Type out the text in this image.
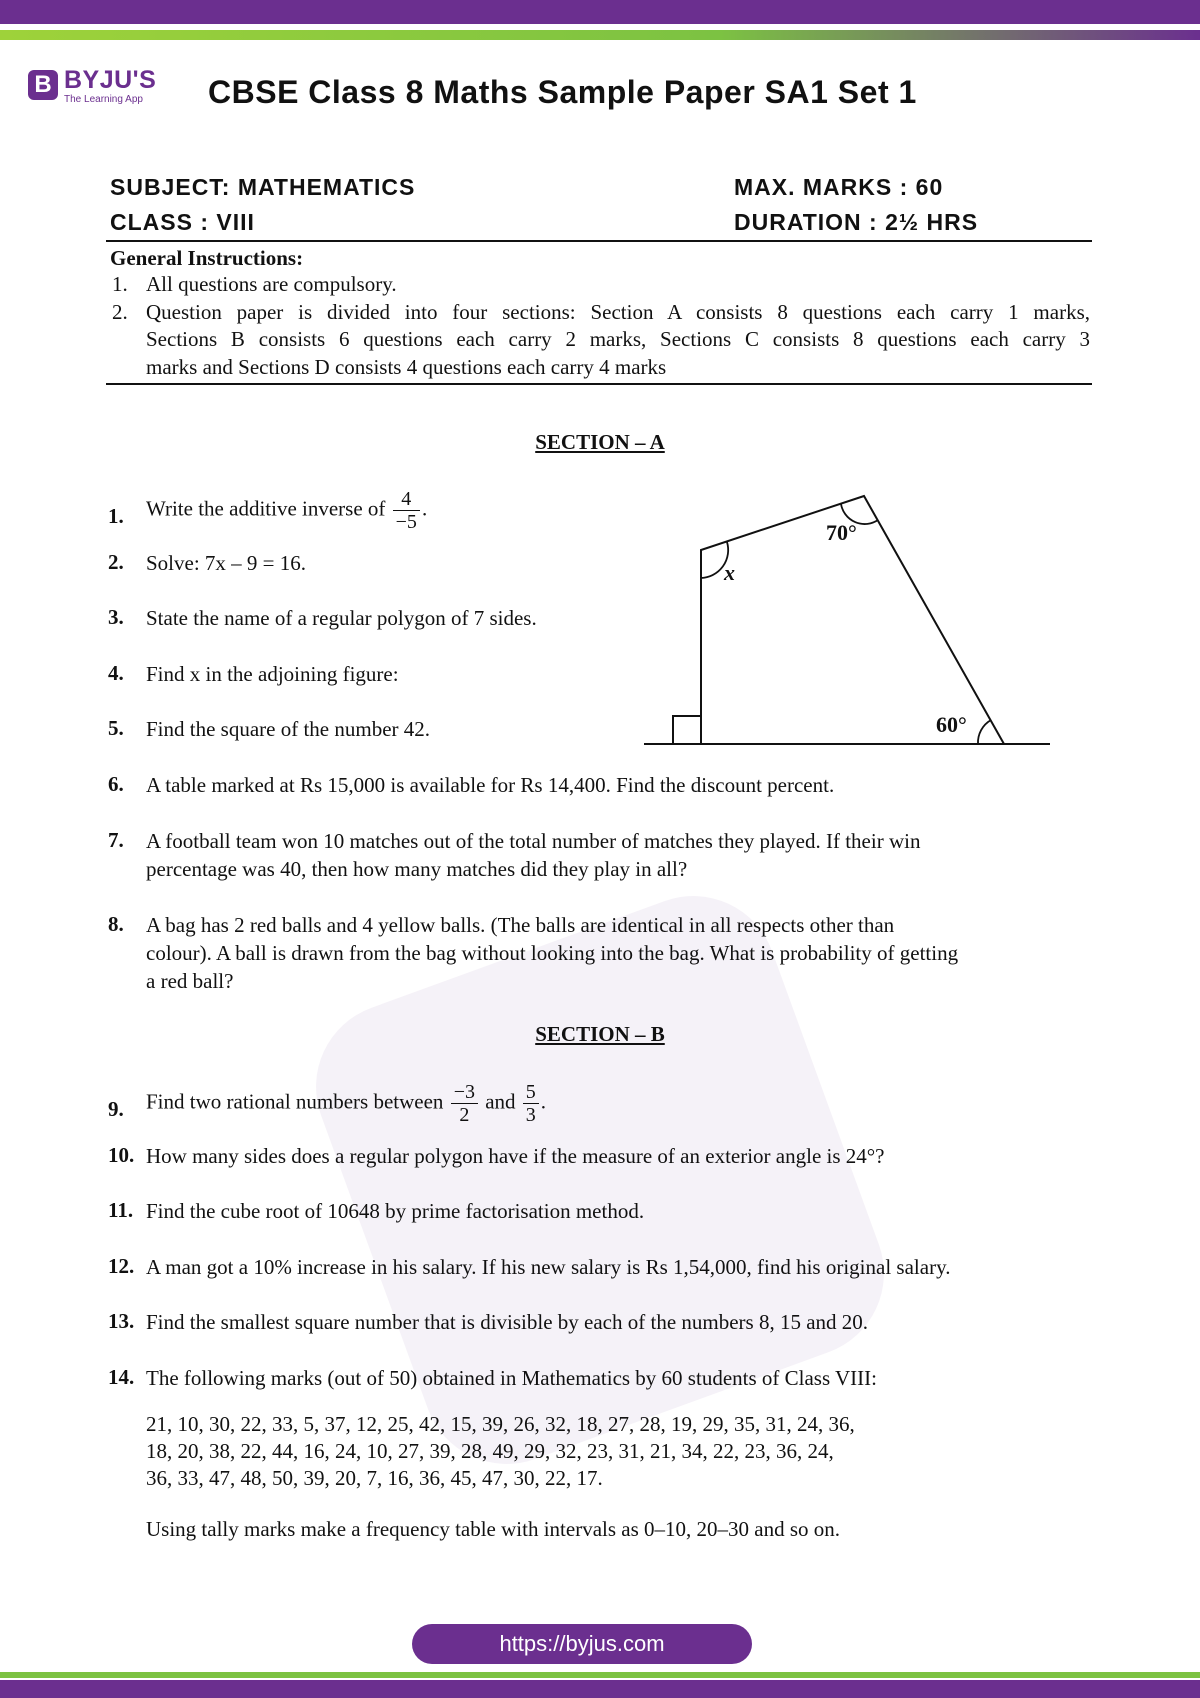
B BYJU'S
The Learning App CBSE Class 8 Maths Sample Paper SA1 Set 1
SUBJECT: MATHEMATICS	MAX. MARKS : 60
CLASS : VIII	DURATION : 2½ HRS
General Instructions:
1. All questions are compulsory.
2. Question paper is divided into four sections: Section A consists 8 questions each carry 1 marks,
Sections B consists 6 questions each carry 2 marks, Sections C consists 8 questions each carry 3
marks and Sections D consists 4 questions each carry 4 marks
SECTION – A
1. Write the additive inverse of $\frac{4}{-5}$ .
2. Solve: 7x – 9 = 16.
3. State the name of a regular polygon of 7 sides.
4. Find x in the adjoining figure:
5. Find the square of the number 42.
6. A table marked at Rs 15,000 is available for Rs 14,400. Find the discount percent.
7. A football team won 10 matches out of the total number of matches they played. If their win
percentage was 40, then how many matches did they play in all?
8. A bag has 2 red balls and 4 yellow balls. (The balls are identical in all respects other than
colour). A ball is drawn from the bag without looking into the bag. What is probability of getting
a red ball?
70°
x
60°
SECTION – B
9. Find two rational numbers between $\frac{-3}{2}$ and $\frac{5}{3}$ .
10. How many sides does a regular polygon have if the measure of an exterior angle is 24°?
11. Find the cube root of 10648 by prime factorisation method.
12. A man got a 10% increase in his salary. If his new salary is Rs 1,54,000, find his original salary.
13. Find the smallest square number that is divisible by each of the numbers 8, 15 and 20.
14. The following marks (out of 50) obtained in Mathematics by 60 students of Class VIII:
21, 10, 30, 22, 33, 5, 37, 12, 25, 42, 15, 39, 26, 32, 18, 27, 28, 19, 29, 35, 31, 24, 36,
18, 20, 38, 22, 44, 16, 24, 10, 27, 39, 28, 49, 29, 32, 23, 31, 21, 34, 22, 23, 36, 24,
36, 33, 47, 48, 50, 39, 20, 7, 16, 36, 45, 47, 30, 22, 17.
Using tally marks make a frequency table with intervals as 0–10, 20–30 and so on.
https://byjus.com
